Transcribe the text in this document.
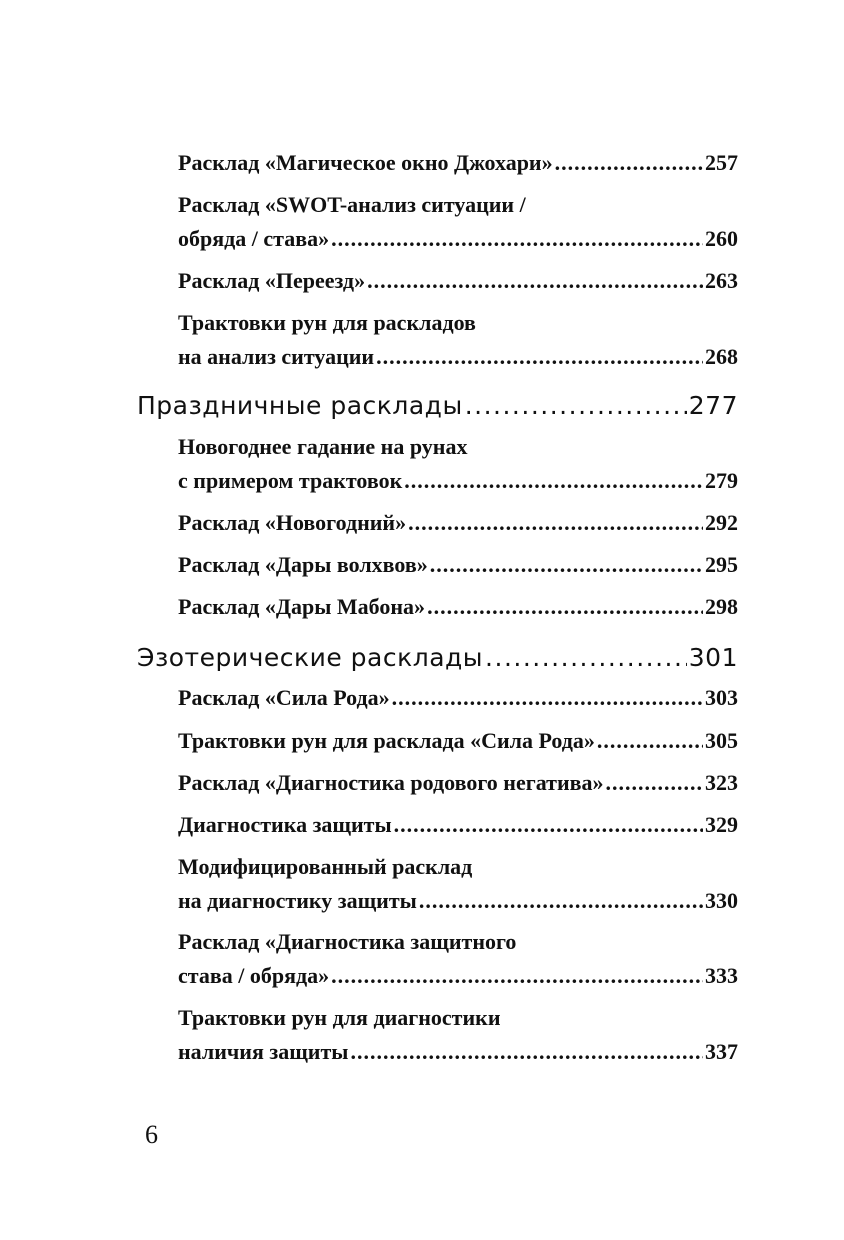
Расклад «Магическое окно Джохари» .....	257
Расклад «SWOT-анализ ситуации /
обряда / става» .....	260
Расклад «Переезд» .....	263
Трактовки рун для раскладов
на анализ ситуации .....	268
Праздничные расклады .....	277
Новогоднее гадание на рунах
с примером трактовок .....	279
Расклад «Новогодний» .....	292
Расклад «Дары волхвов» .....	295
Расклад «Дары Мабона» .....	298
Эзотерические расклады .....	301
Расклад «Сила Рода» .....	303
Трактовки рун для расклада «Сила Рода» .....	305
Расклад «Диагностика родового негатива» .....	323
Диагностика защиты .....	329
Модифицированный расклад
на диагностику защиты .....	330
Расклад «Диагностика защитного
става / обряда» .....	333
Трактовки рун для диагностики
наличия защиты .....	337
6
